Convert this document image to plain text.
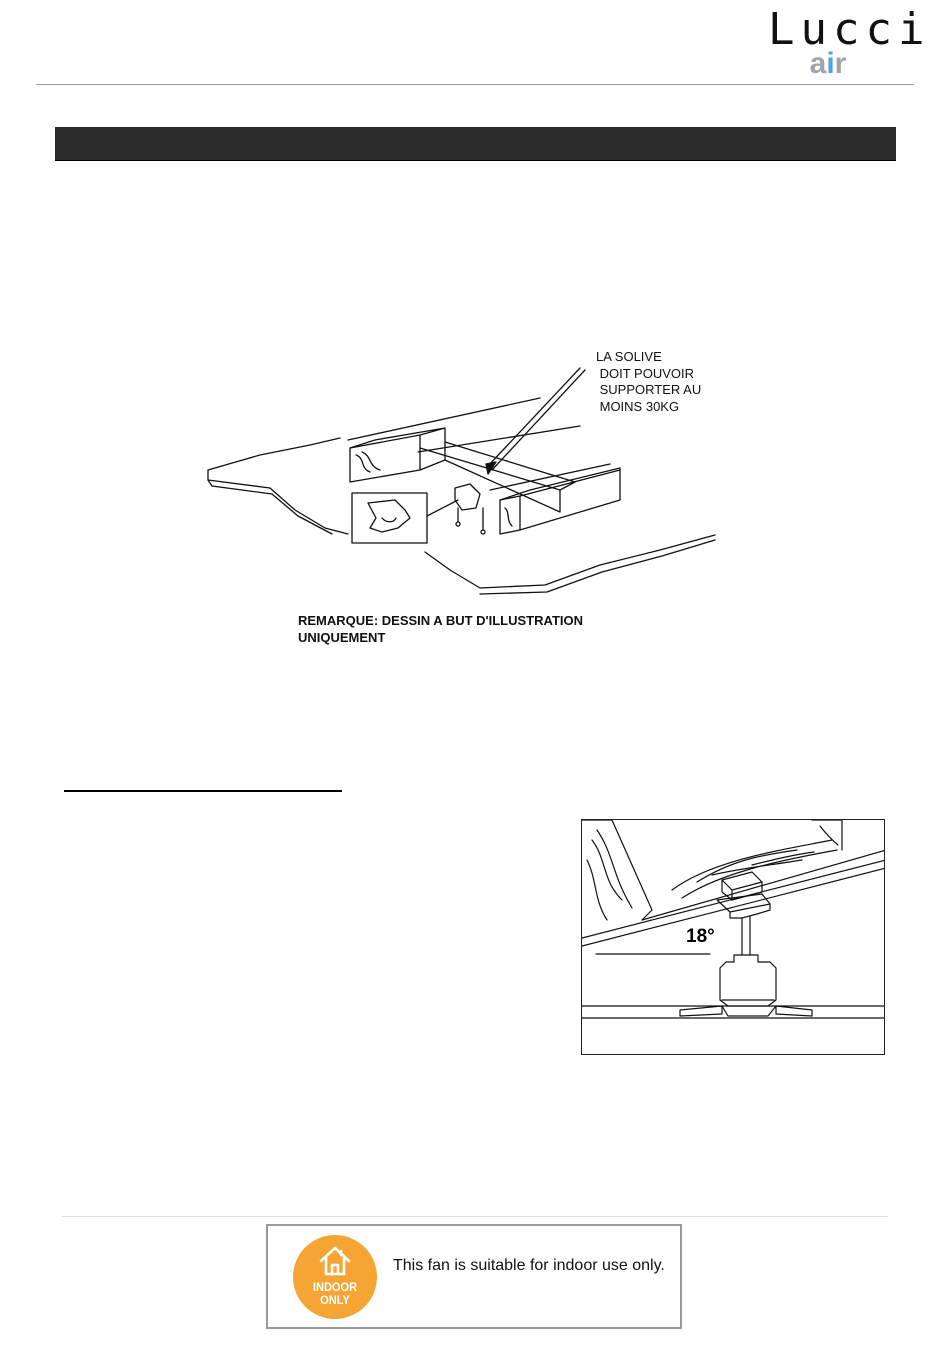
Lucci
air
LA SOLIVE
DOIT POUVOIR
SUPPORTER AU
MOINS 30KG
REMARQUE: DESSIN A BUT D'ILLUSTRATION
UNIQUEMENT
18°
INDOOR
ONLY
This fan is suitable for indoor use only.
